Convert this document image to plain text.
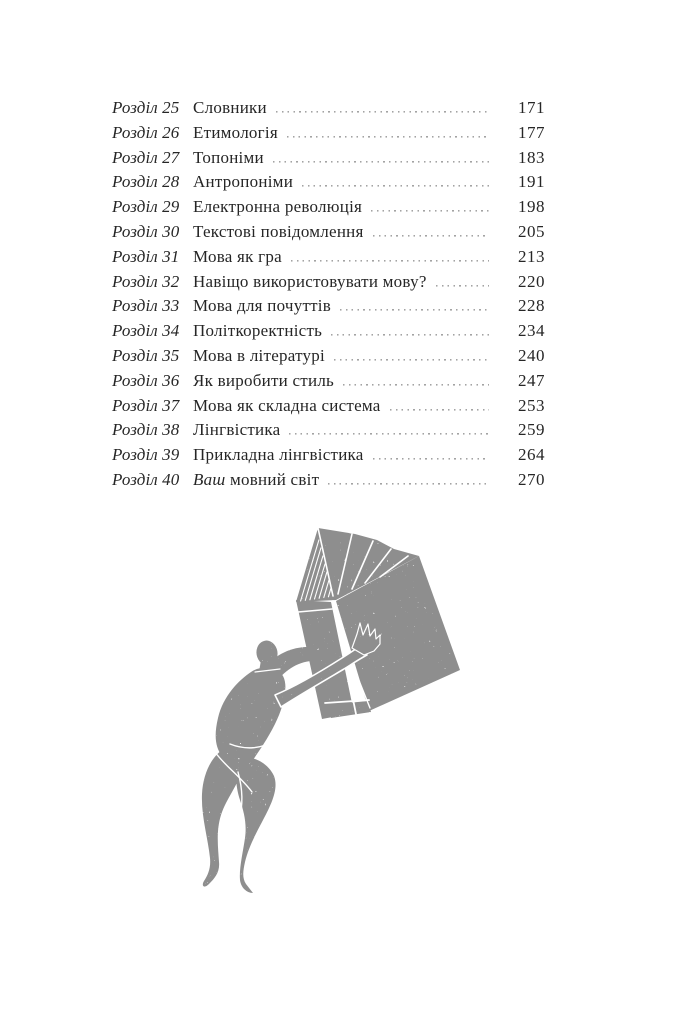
Розділ 25 Словники	171
Розділ 26 Етимологія	177
Розділ 27 Топоніми	183
Розділ 28 Антропоніми	191
Розділ 29 Електронна революція	198
Розділ 30 Текстові повідомлення	205
Розділ 31 Мова як гра	213
Розділ 32 Навіщо використовувати мову?	220
Розділ 33 Мова для почуттів	228
Розділ 34 Політкоректність	234
Розділ 35 Мова в літературі	240
Розділ 36 Як виробити стиль	247
Розділ 37 Мова як складна система	253
Розділ 38 Лінгвістика	259
Розділ 39 Прикладна лінгвістика	264
Розділ 40 Ваш мовний світ	270
